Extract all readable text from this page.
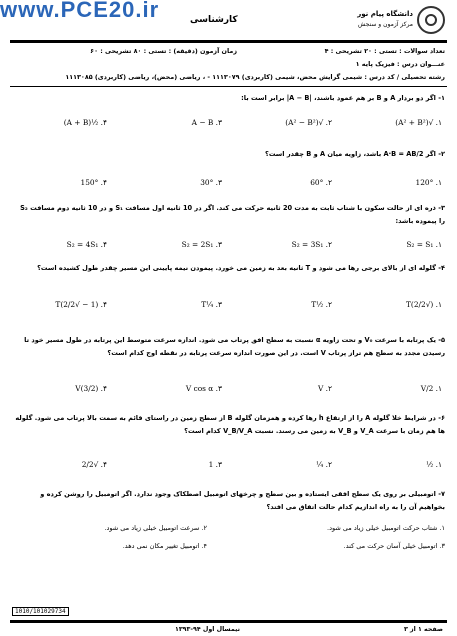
www.PCE20.ir	دانشگاه پیام نور
مرکز آزمون و سنجش
کارشناسی
تعداد سوالات : تستی : ۲۰ تشریحی : ۴
زمان آزمون (دقیقه) : تستی : ۸۰ تشریحی : ۶۰
عنـــوان درس : فیزیک پایه ۱
رشته تحصیلی / کد درس : شیمی گرایش محض، شیمی (کاربردی) ۱۱۱۳۰۷۹ - ، ریاضی (محض)، ریاضی (کاربردی) ۱۱۱۳۰۸۵
۱- اگر دو بردار A و B بر هم عمود باشند، |A − B| برابر است با:
۱. √(A² + B²)
۲. √(A² − B²)
۳. A − B
۴. ½(A + B)
۲- اگر A·B = AB/2 باشد، زاویه میان A و B چقدر است؟
۱. 120°
۲. 60°
۳. 30°
۴. 150°
۳- ذره ای از حالت سکون با شتاب ثابت به مدت 20 ثانیه حرکت می کند. اگر در 10 ثانیه اول مسافت S₁ و در 10 ثانیه دوم مسافت S₂ را پیموده باشد:
۱. S₂ = S₁
۲. S₂ = 3S₁
۳. S₂ = 2S₁
۴. S₂ = 4S₁
۴- گلوله ای از بالای برجی رها می شود و T ثانیه بعد به زمین می خورد. پیمودن نیمه پایینی این مسیر چقدر طول کشیده است؟
۱. (√2/2)T
۲. ½T
۳. ¼T
۴. (1 − √2/2)T
۵- یک پرتابه با سرعت V₀ و تحت زاویه α نسبت به سطح افق پرتاب می شود. اندازه سرعت متوسط این پرتابه در طول مسیر خود تا رسیدن مجدد به سطح هم تراز پرتاب V است. در این صورت اندازه سرعت پرتابه در نقطه اوج کدام است؟
۱. V/2
۲. V
۳. V cos α
۴. (3/2)V
۶- در شرایط خلا گلوله A را از ارتفاع h رها کرده و همزمان گلوله B از سطح زمین در راستای قائم به سمت بالا پرتاب می شود. گلوله ها هم زمان با سرعت V_A و V_B به زمین می رسند. نسبت V_B/V_A کدام است؟
۱. ½
۲. ¼
۳. 1
۴. √2/2
۷- اتومبیلی بر روی یک سطح افقی ایستاده و بین سطح و چرخهای اتومبیل اصطکاک وجود ندارد. اگر اتومبیل را روشن کرده و بخواهیم آن را به راه اندازیم کدام حالت اتفاق می افتد؟
۱. شتاب حرکت اتومبیل خیلی زیاد می شود.
۲. سرعت اتومبیل خیلی زیاد می شود.
۳. اتومبیل خیلی آسان حرکت می کند.
۴. اتومبیل تغییر مکان نمی دهد.
1010/101029734
صفحه ۱ از ۳
نیمسال اول ۹۴-۱۳۹۳
